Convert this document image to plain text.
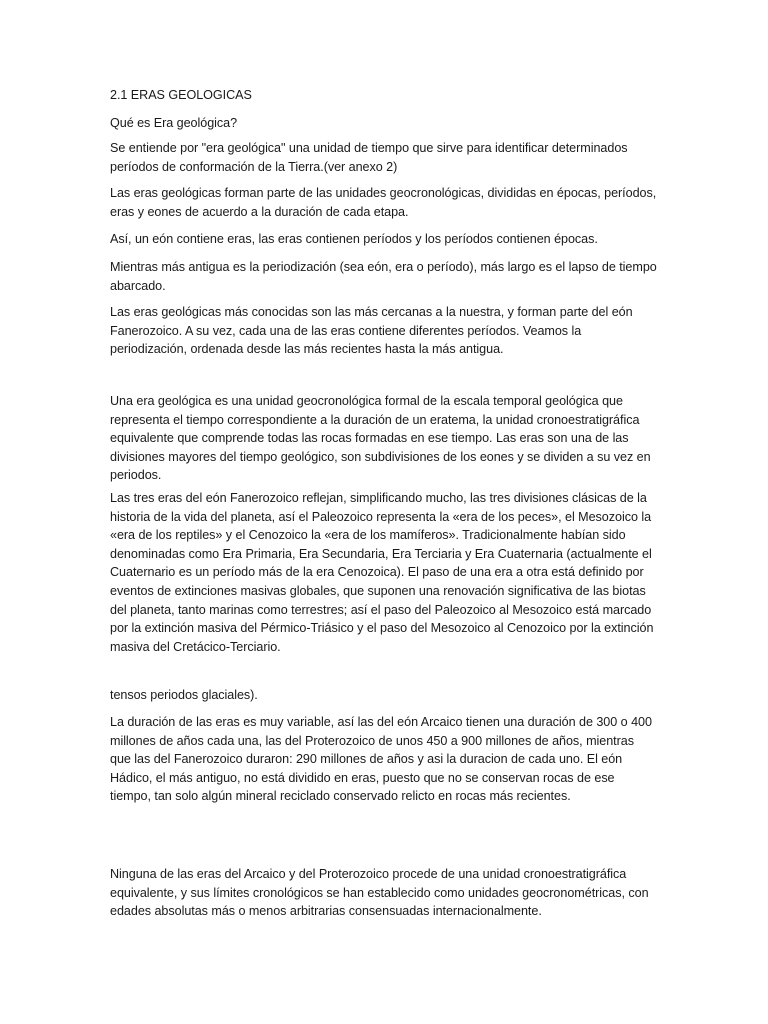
2.1 ERAS GEOLOGICAS

Qué es Era geológica?

Se entiende por "era geológica" una unidad de tiempo que sirve para identificar determinados períodos de conformación de la Tierra.(ver anexo 2)

Las eras geológicas forman parte de las unidades geocronológicas, divididas en épocas, períodos, eras y eones de acuerdo a la duración de cada etapa.

Así, un eón contiene eras, las eras contienen períodos y los períodos contienen épocas.

Mientras más antigua es la periodización (sea eón, era o período), más largo es el lapso de tiempo abarcado.

Las eras geológicas más conocidas son las más cercanas a la nuestra, y forman parte del eón Fanerozoico. A su vez, cada una de las eras contiene diferentes períodos. Veamos la periodización, ordenada desde las más recientes hasta la más antigua.

Una era geológica es una unidad geocronológica formal de la escala temporal geológica que representa el tiempo correspondiente a la duración de un eratema, la unidad cronoestratigráfica equivalente que comprende todas las rocas formadas en ese tiempo. Las eras son una de las divisiones mayores del tiempo geológico, son subdivisiones de los eones y se dividen a su vez en periodos.

Las tres eras del eón Fanerozoico reflejan, simplificando mucho, las tres divisiones clásicas de la historia de la vida del planeta, así el Paleozoico representa la «era de los peces», el Mesozoico la «era de los reptiles» y el Cenozoico la «era de los mamíferos». Tradicionalmente habían sido denominadas como Era Primaria, Era Secundaria, Era Terciaria y Era Cuaternaria (actualmente el Cuaternario es un período más de la era Cenozoica). El paso de una era a otra está definido por eventos de extinciones masivas globales, que suponen una renovación significativa de las biotas del planeta, tanto marinas como terrestres; así el paso del Paleozoico al Mesozoico está marcado por la extinción masiva del Pérmico-Triásico y el paso del Mesozoico al Cenozoico por la extinción masiva del Cretácico-Terciario.

tensos periodos glaciales).

La duración de las eras es muy variable, así las del eón Arcaico tienen una duración de 300 o 400 millones de años cada una, las del Proterozoico de unos 450 a 900 millones de años, mientras que las del Fanerozoico duraron: 290 millones de años y asi la duracion de cada uno. El eón Hádico, el más antiguo, no está dividido en eras, puesto que no se conservan rocas de ese tiempo, tan solo algún mineral reciclado conservado relicto en rocas más recientes.

Ninguna de las eras del Arcaico y del Proterozoico procede de una unidad cronoestratigráfica equivalente, y sus límites cronológicos se han establecido como unidades geocronométricas, con edades absolutas más o menos arbitrarias consensuadas internacionalmente.
